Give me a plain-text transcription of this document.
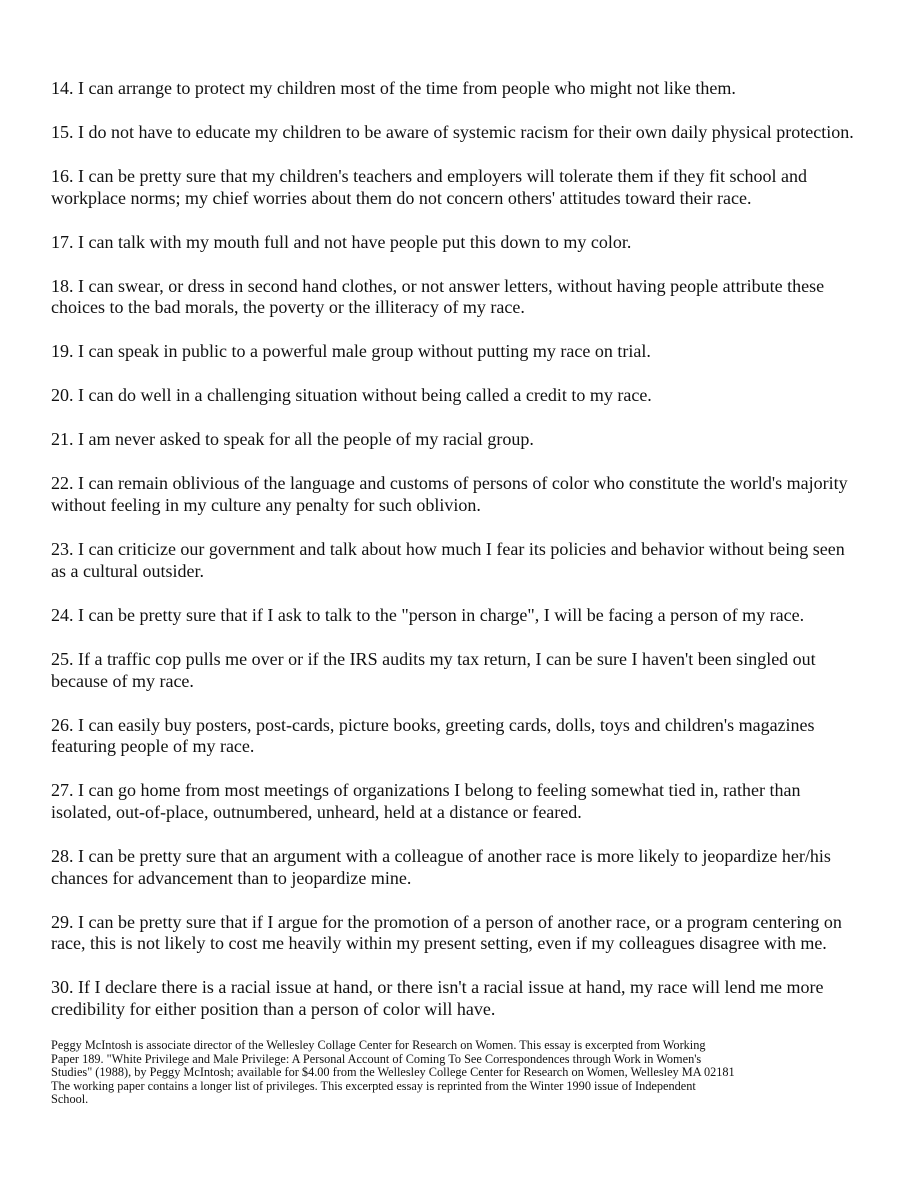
14. I can arrange to protect my children most of the time from people who might not like them.

15. I do not have to educate my children to be aware of systemic racism for their own daily physical protection.

16. I can be pretty sure that my children's teachers and employers will tolerate them if they fit school and workplace norms; my chief worries about them do not concern others' attitudes toward their race.

17. I can talk with my mouth full and not have people put this down to my color.

18. I can swear, or dress in second hand clothes, or not answer letters, without having people attribute these choices to the bad morals, the poverty or the illiteracy of my race.

19. I can speak in public to a powerful male group without putting my race on trial.

20. I can do well in a challenging situation without being called a credit to my race.

21. I am never asked to speak for all the people of my racial group.

22. I can remain oblivious of the language and customs of persons of color who constitute the world's majority without feeling in my culture any penalty for such oblivion.

23. I can criticize our government and talk about how much I fear its policies and behavior without being seen as a cultural outsider.

24. I can be pretty sure that if I ask to talk to the "person in charge", I will be facing a person of my race.

25. If a traffic cop pulls me over or if the IRS audits my tax return, I can be sure I haven't been singled out because of my race.

26. I can easily buy posters, post-cards, picture books, greeting cards, dolls, toys and children's magazines featuring people of my race.

27. I can go home from most meetings of organizations I belong to feeling somewhat tied in, rather than isolated, out-of-place, outnumbered, unheard, held at a distance or feared.

28. I can be pretty sure that an argument with a colleague of another race is more likely to jeopardize her/his chances for advancement than to jeopardize mine.

29. I can be pretty sure that if I argue for the promotion of a person of another race, or a program centering on race, this is not likely to cost me heavily within my present setting, even if my colleagues disagree with me.

30. If I declare there is a racial issue at hand, or there isn't a racial issue at hand, my race will lend me more credibility for either position than a person of color will have.

Peggy McIntosh is associate director of the Wellesley Collage Center for Research on Women. This essay is excerpted from Working
Paper 189. "White Privilege and Male Privilege: A Personal Account of Coming To See Correspondences through Work in Women's
Studies" (1988), by Peggy McIntosh; available for $4.00 from the Wellesley College Center for Research on Women, Wellesley MA 02181
The working paper contains a longer list of privileges. This excerpted essay is reprinted from the Winter 1990 issue of Independent
School.
